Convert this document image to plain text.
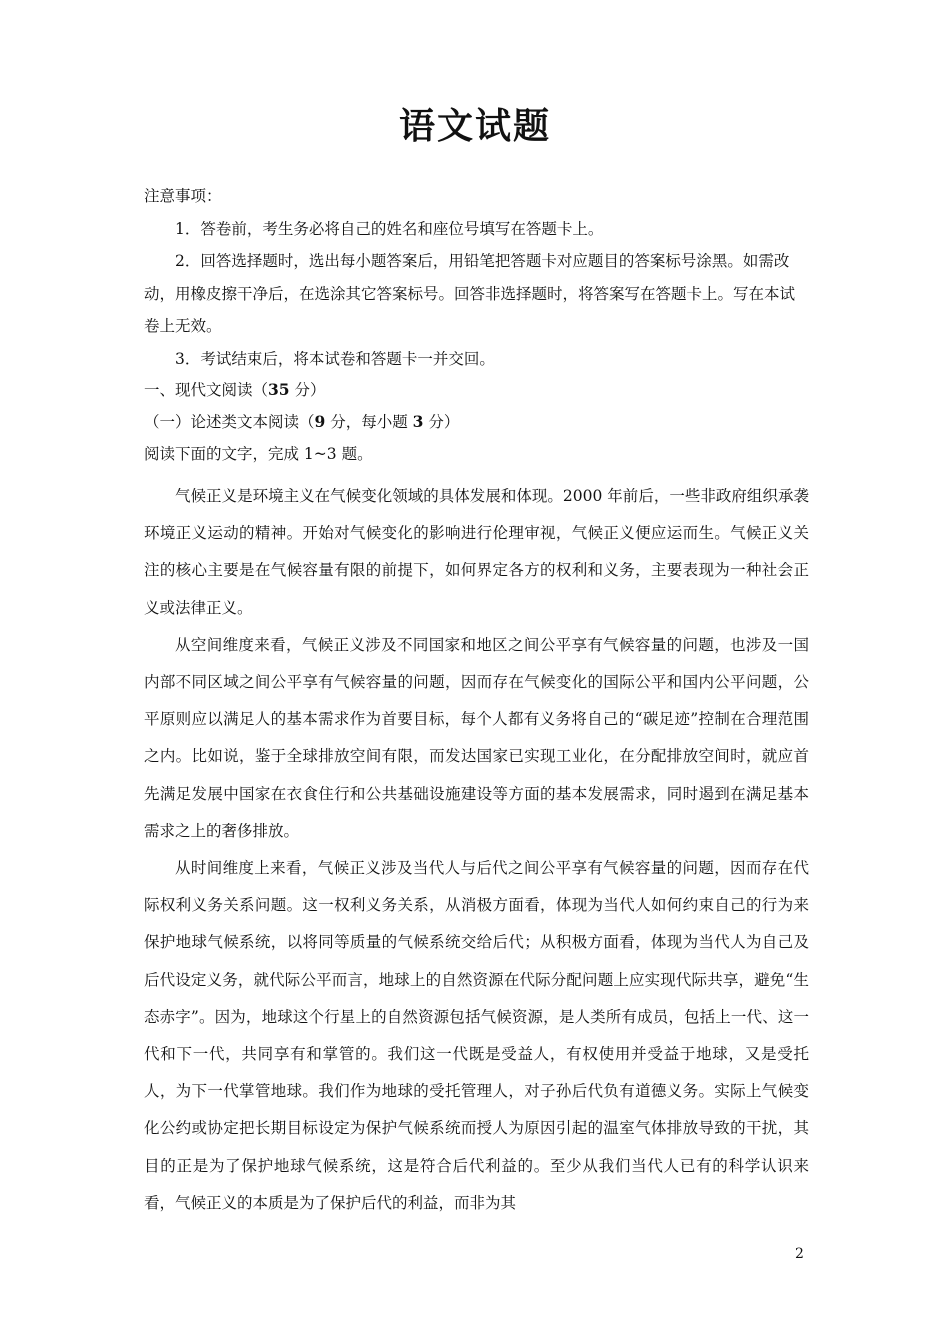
语文试题

注意事项：

1．答卷前，考生务必将自己的姓名和座位号填写在答题卡上。

2．回答选择题时，选出每小题答案后，用铅笔把答题卡对应题目的答案标号涂黑。如需改动，用橡皮擦干净后，在选涂其它答案标号。回答非选择题时，将答案写在答题卡上。写在本试卷上无效。

3．考试结束后，将本试卷和答题卡一并交回。

一、现代文阅读（35 分）

（一）论述类文本阅读（9 分，每小题 3 分）

阅读下面的文字，完成 1~3 题。

气候正义是环境主义在气候变化领域的具体发展和体现。2000 年前后，一些非政府组织承袭环境正义运动的精神。开始对气候变化的影响进行伦理审视，气候正义便应运而生。气候正义关注的核心主要是在气候容量有限的前提下，如何界定各方的权利和义务，主要表现为一种社会正义或法律正义。

从空间维度来看，气候正义涉及不同国家和地区之间公平享有气候容量的问题，也涉及一国内部不同区域之间公平享有气候容量的问题，因而存在气候变化的国际公平和国内公平问题，公平原则应以满足人的基本需求作为首要目标，每个人都有义务将自己的“碳足迹”控制在合理范围之内。比如说，鉴于全球排放空间有限，而发达国家已实现工业化，在分配排放空间时，就应首先满足发展中国家在衣食住行和公共基础设施建设等方面的基本发展需求，同时遏到在满足基本需求之上的奢侈排放。

从时间维度上来看，气候正义涉及当代人与后代之间公平享有气候容量的问题，因而存在代际权利义务关系问题。这一权利义务关系，从消极方面看，体现为当代人如何约束自己的行为来保护地球气候系统，以将同等质量的气候系统交给后代；从积极方面看，体现为当代人为自己及后代设定义务，就代际公平而言，地球上的自然资源在代际分配问题上应实现代际共享，避免“生态赤字”。因为，地球这个行星上的自然资源包括气候资源，是人类所有成员，包括上一代、这一代和下一代，共同享有和掌管的。我们这一代既是受益人，有权使用并受益于地球，又是受托人，为下一代掌管地球。我们作为地球的受托管理人，对子孙后代负有道德义务。实际上气候变化公约或协定把长期目标设定为保护气候系统而授人为原因引起的温室气体排放导致的干扰，其目的正是为了保护地球气候系统，这是符合后代利益的。至少从我们当代人已有的科学认识来看，气候正义的本质是为了保护后代的利益，而非为其

2
